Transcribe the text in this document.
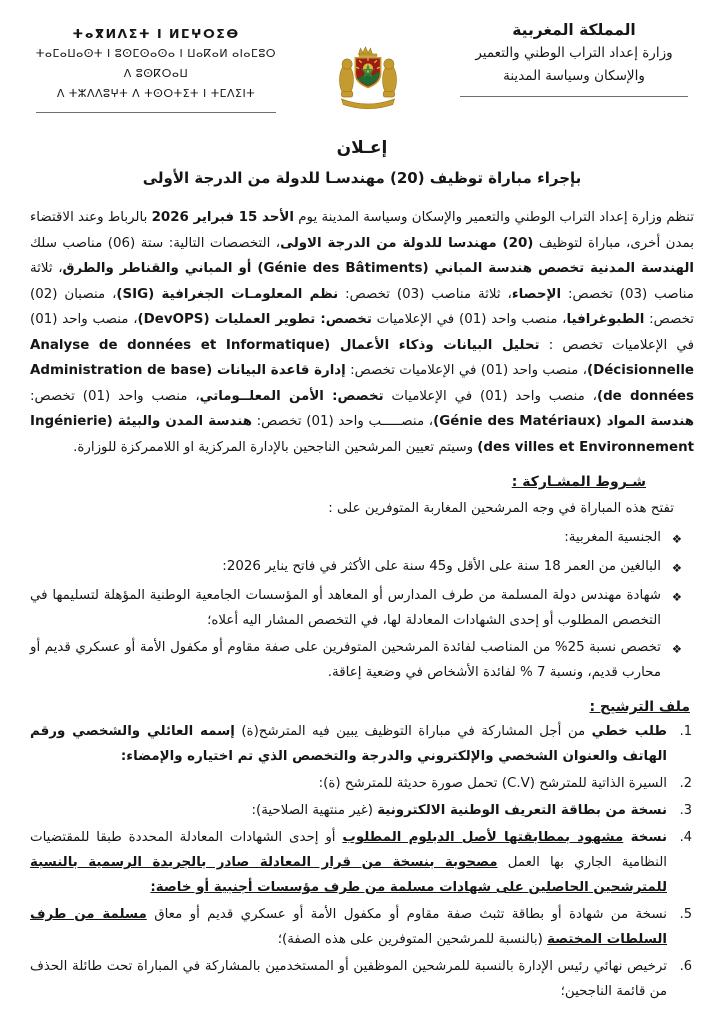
المملكة المغربية
وزارة إعداد التراب الوطني والتعمير
والإسكان وسياسة المدينة
ⵜⴰⴳⵍⴷⵉⵜ ⵏ ⵍⵎⵖⵔⵉⴱ
ⵜⴰⵎⴰⵡⴰⵙⵜ ⵏ ⵓⵙⵎⵙⴰⵙⴰ ⵏ ⵡⴰⴽⴰⵍ ⴰⵏⴰⵎⵓⵔ ⴷ ⵓⵙⴽⵔⴰⵡ
ⴷ ⵜⵣⴷⴷⵓⵖⵜ ⴷ ⵜⵙⵔⵜⵉⵜ ⵏ ⵜⵎⴷⵉⵏⵜ
إعـلان
بإجراء مباراة توظيف (20) مهندسـا للدولة من الدرجة الأولى

تنظم وزارة إعداد التراب الوطني والتعمير والإسكان وسياسة المدينة يوم الأحد 15 فبراير 2026 بالرباط وعند الاقتضاء بمدن أخرى، مباراة لتوظيف (20) مهندسا للدولة من الدرجة الاولى، التخصصات التالية: ستة (06) مناصب سلك الهندسة المدنية تخصص هندسة المباني (Génie des Bâtiments) أو المباني والقناطر والطرق، ثلاثة مناصب (03) تخصص: الإحصاء، ثلاثة مناصب (03) تخصص: نظم المعلومـات الجغرافية (SIG)، منصبان (02) تخصص: الطبوغرافيا، منصب واحد (01) في الإعلاميات تخصص: تطوير العمليات (DevOPS)، منصب واحد (01) في الإعلاميات تخصص : تحليل البيانات وذكاء الأعمال (Analyse de données et Informatique Décisionnelle)، منصب واحد (01) في الإعلاميات تخصص: إدارة قاعدة البيانات (Administration de base de données)، منصب واحد (01) في الإعلاميات تخصص: الأمن المعلــوماتي، منصب واحد (01) تخصص: هندسة المواد (Génie des Matériaux)، منصـــــب واحد (01) تخصص: هندسة المدن والبيئة (Ingénierie des villes et Environnement) وسيتم تعيين المرشحين الناجحين بالإدارة المركزية او اللاممركزة للوزارة.

شـروط المشـاركة :
تفتح هذه المباراة في وجه المرشحين المغاربة المتوفرين على :
❖
الجنسية المغربية:
❖
البالغين من العمر 18 سنة على الأقل و45 سنة على الأكثر في فاتح يناير 2026:
❖
شهادة مهندس دولة المسلمة من طرف المدارس أو المعاهد أو المؤسسات الجامعية الوطنية المؤهلة لتسليمها في التخصص المطلوب أو إحدى الشهادات المعادلة لها، في التخصص المشار اليه أعلاه؛
❖
تخصص نسبة 25% من المناصب لفائدة المرشحين المتوفرين على صفة مقاوم أو مكفول الأمة أو عسكري قديم أو محارب قديم، ونسبة 7 % لفائدة الأشخاص في وضعية إعاقة.
ملف الترشيح :
1.
طلب خطي من أجل المشاركة في مباراة التوظيف يبين فيه المترشح(ة) إسمه العائلي والشخصي ورقم الهاتف والعنوان الشخصي والإلكتروني والدرجة والتخصص الذي تم اختياره والإمضاء:
2.
السيرة الذاتية للمترشح (C.V) تحمل صورة حديثة للمترشح (ة):
3.
نسخة من بطاقة التعريف الوطنية الالكترونية (غير منتهية الصلاحية):
4.
نسخة مشهود بمطابقتها لأصل الدبلوم المطلوب أو إحدى الشهادات المعادلة المحددة طبقا للمقتضيات النظامية الجاري بها العمل مصحوبة بنسخة من قرار المعادلة صادر بالجريدة الرسمية بالنسبة للمترشحين الحاصلين على شهادات مسلمة من طرف مؤسسات أجنبية أو خاصة:
5.
نسخة من شهادة أو بطاقة تثبث صفة مقاوم أو مكفول الأمة أو عسكري قديم أو معاق مسلمة من طرف السلطات المختصة (بالنسبة للمرشحين المتوفرين على هذه الصفة)؛
6.
ترخيص نهائي رئيس الإدارة بالنسبة للمرشحين الموظفين أو المستخدمين بالمشاركة في المباراة تحت طائلة الحذف من قائمة الناجحين؛
